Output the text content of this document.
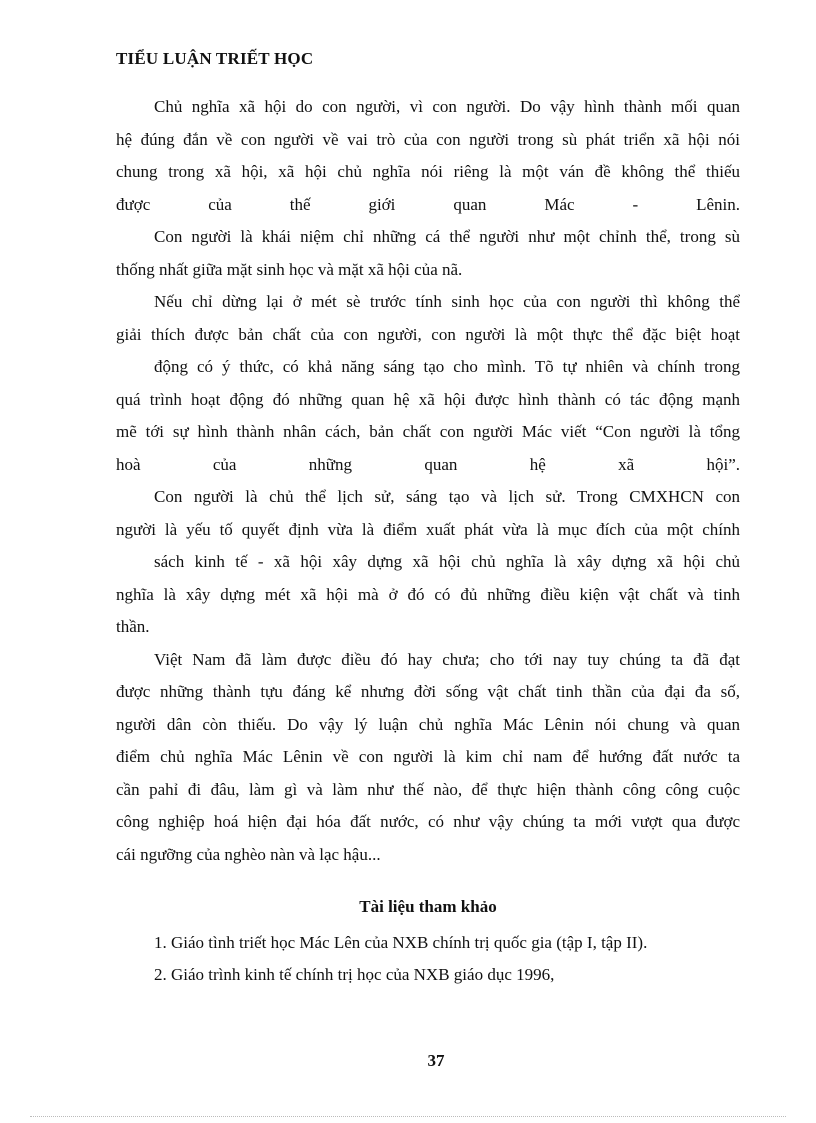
TIỂU LUẬN TRIẾT HỌC
Chủ nghĩa xã hội do con người, vì con người. Do vậy hình thành mối quan
hệ đúng đắn về con người về vai trò của con người trong sù phát triển xã hội nói
chung trong xã hội, xã hội chủ nghĩa nói riêng là một ván đề không thể thiếu
được của thế giới quan Mác - Lênin.
Con người là khái niệm chỉ những cá thể người như một chỉnh thể, trong sù
thống nhất giữa mặt sinh học và mặt xã hội của nã.
Nếu chỉ dừng lại ở mét sè trước tính sinh học của con người thì không thể
giải thích được bản chất của con người, con người là một thực thể đặc biệt hoạt
động có ý thức, có khả năng sáng tạo cho mình. Tõ tự nhiên và chính trong
quá trình hoạt động đó những quan hệ xã hội được hình thành có tác động mạnh
mẽ tới sự hình thành nhân cách, bản chất con người Mác viết “Con người là tổng
hoà của những quan hệ xã hội”.
Con người là chủ thể lịch sử, sáng tạo và lịch sử. Trong CMXHCN con
người là yếu tố quyết định vừa là điểm xuất phát vừa là mục đích của một chính
sách kinh tế - xã hội xây dựng xã hội chủ nghĩa là xây dựng xã hội chủ
nghĩa là xây dựng mét xã hội mà ở đó có đủ những điều kiện vật chất và tinh
thần.
Việt Nam đã làm được điều đó hay chưa; cho tới nay tuy chúng ta đã đạt
được những thành tựu đáng kể nhưng đời sống vật chất tinh thần của đại đa số,
người dân còn thiếu. Do vậy lý luận chủ nghĩa Mác Lênin nói chung và quan
điểm chủ nghĩa Mác Lênin về con người là kim chỉ nam để hướng đất nước ta
cần pahỉ đi đâu, làm gì và làm như thế nào, để thực hiện thành công công cuộc
công nghiệp hoá hiện đại hóa đất nước, có như vậy chúng ta mới vượt qua được
cái ngưỡng của nghèo nàn và lạc hậu...
Tài liệu tham khảo
1. Giáo tình triết học Mác Lên của NXB chính trị quốc gia (tập I, tập II).
2. Giáo trình kinh tế chính trị học của NXB giáo dục 1996,
37
